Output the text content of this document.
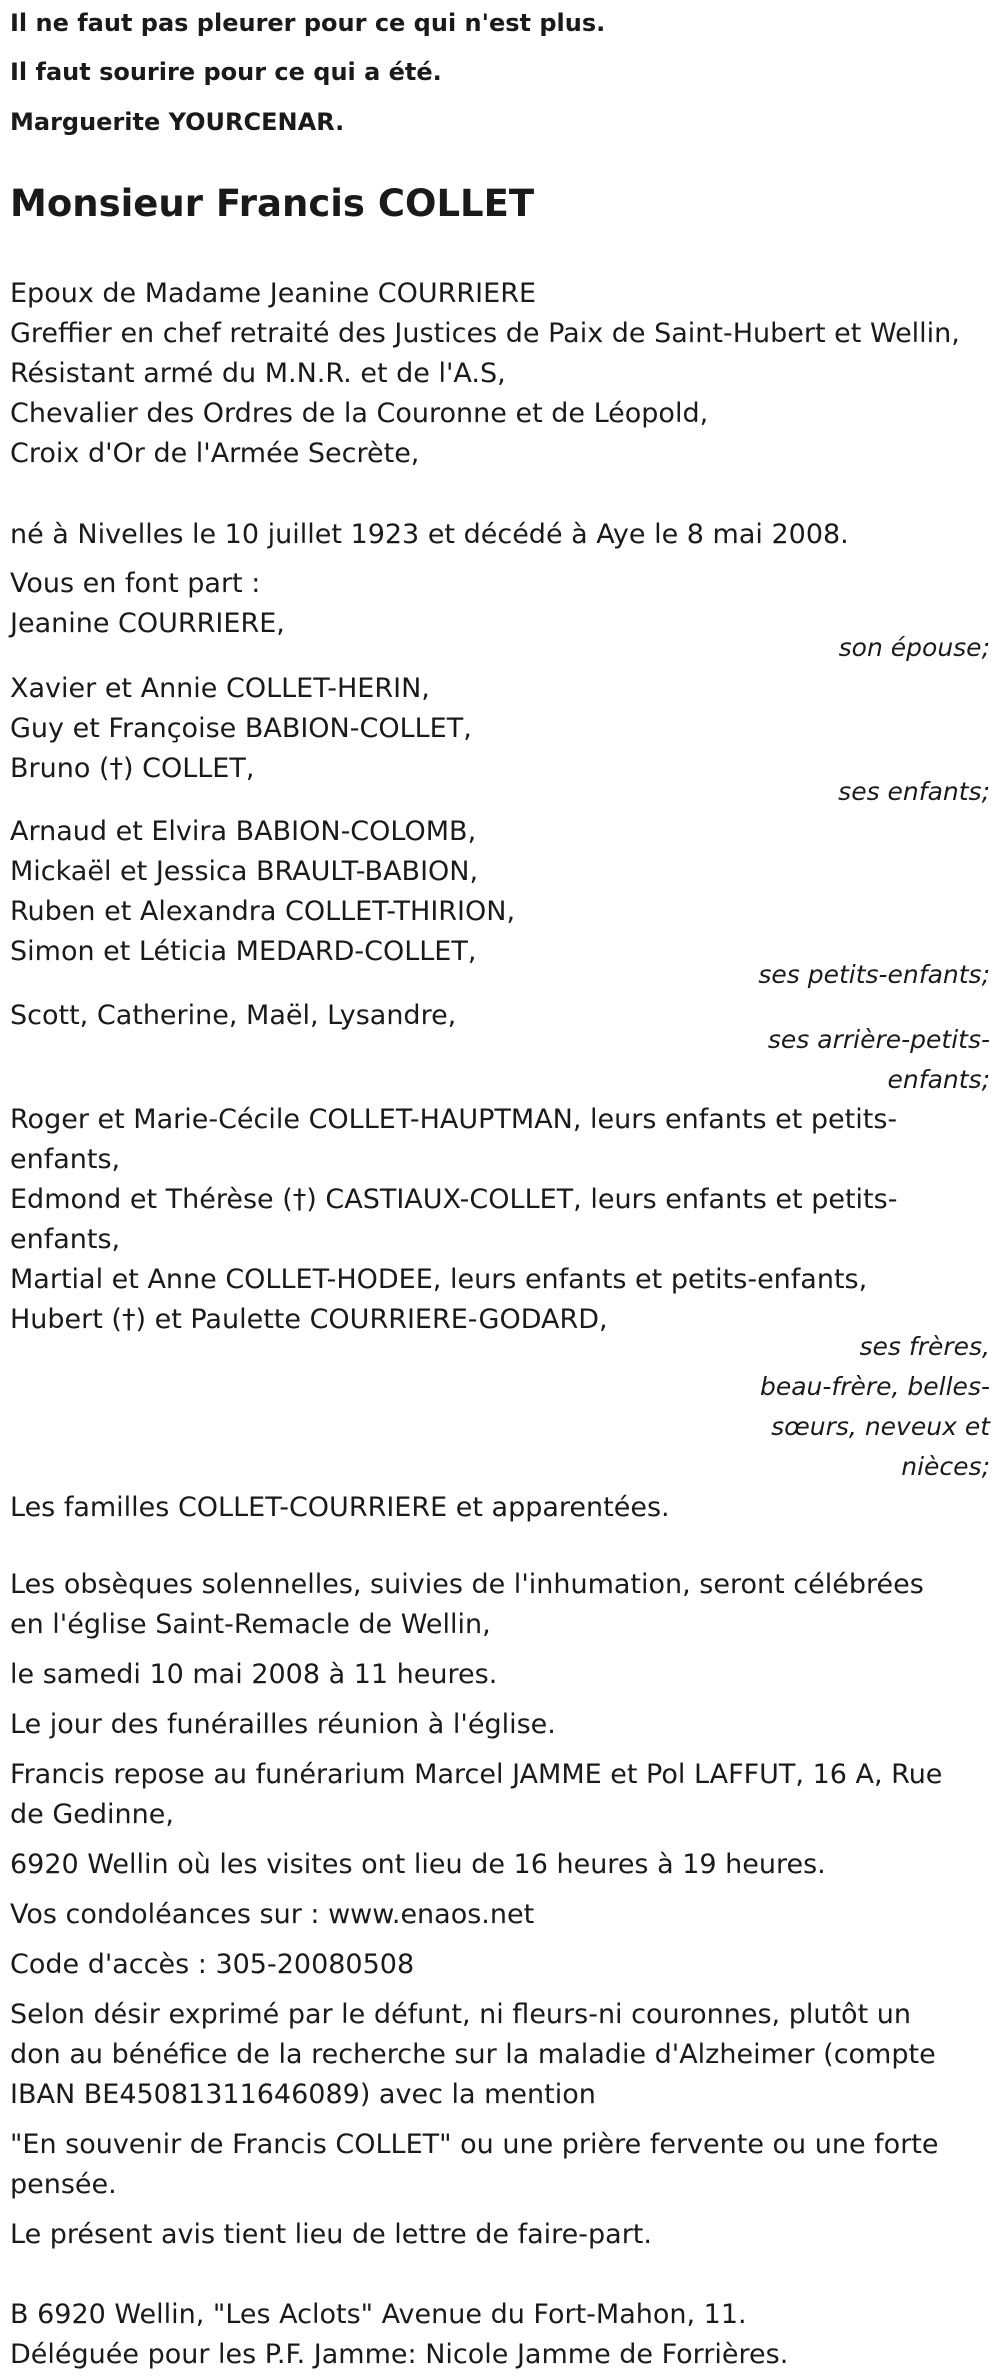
Il ne faut pas pleurer pour ce qui n'est plus.

Il faut sourire pour ce qui a été.

Marguerite YOURCENAR.

Monsieur Francis COLLET

Epoux de Madame Jeanine COURRIERE

Greffier en chef retraité des Justices de Paix de Saint-Hubert et Wellin,

Résistant armé du M.N.R. et de l'A.S,

Chevalier des Ordres de la Couronne et de Léopold,

Croix d'Or de l'Armée Secrète,

né à Nivelles le 10 juillet 1923 et décédé à Aye le 8 mai 2008.

Vous en font part :

Jeanine COURRIERE,

son épouse;

Xavier et Annie COLLET-HERIN,

Guy et Françoise BABION-COLLET,

Bruno (†) COLLET,

ses enfants;

Arnaud et Elvira BABION-COLOMB,

Mickaël et Jessica BRAULT-BABION,

Ruben et Alexandra COLLET-THIRION,

Simon et Léticia MEDARD-COLLET,

ses petits-enfants;

Scott, Catherine, Maël, Lysandre,

ses arrière-petits-

enfants;

Roger et Marie-Cécile COLLET-HAUPTMAN, leurs enfants et petits-enfants,

Edmond et Thérèse (†) CASTIAUX-COLLET, leurs enfants et petits-enfants,

Martial et Anne COLLET-HODEE, leurs enfants et petits-enfants,

Hubert (†) et Paulette COURRIERE-GODARD,

ses frères,

beau-frère, belles-

sœurs, neveux et

nièces;

Les familles COLLET-COURRIERE et apparentées.

Les obsèques solennelles, suivies de l'inhumation, seront célébrées en l'église Saint-Remacle de Wellin,

le samedi 10 mai 2008 à 11 heures.

Le jour des funérailles réunion à l'église.

Francis repose au funérarium Marcel JAMME et Pol LAFFUT, 16 A, Rue de Gedinne,

6920 Wellin où les visites ont lieu de 16 heures à 19 heures.

Vos condoléances sur : www.enaos.net

Code d'accès : 305-20080508

Selon désir exprimé par le défunt, ni fleurs-ni couronnes, plutôt un don au bénéfice de la recherche sur la maladie d'Alzheimer (compte IBAN BE45081311646089) avec la mention

"En souvenir de Francis COLLET" ou une prière fervente ou une forte pensée.

Le présent avis tient lieu de lettre de faire-part.

B 6920 Wellin, "Les Aclots" Avenue du Fort-Mahon, 11.

Déléguée pour les P.F. Jamme: Nicole Jamme de Forrières.
